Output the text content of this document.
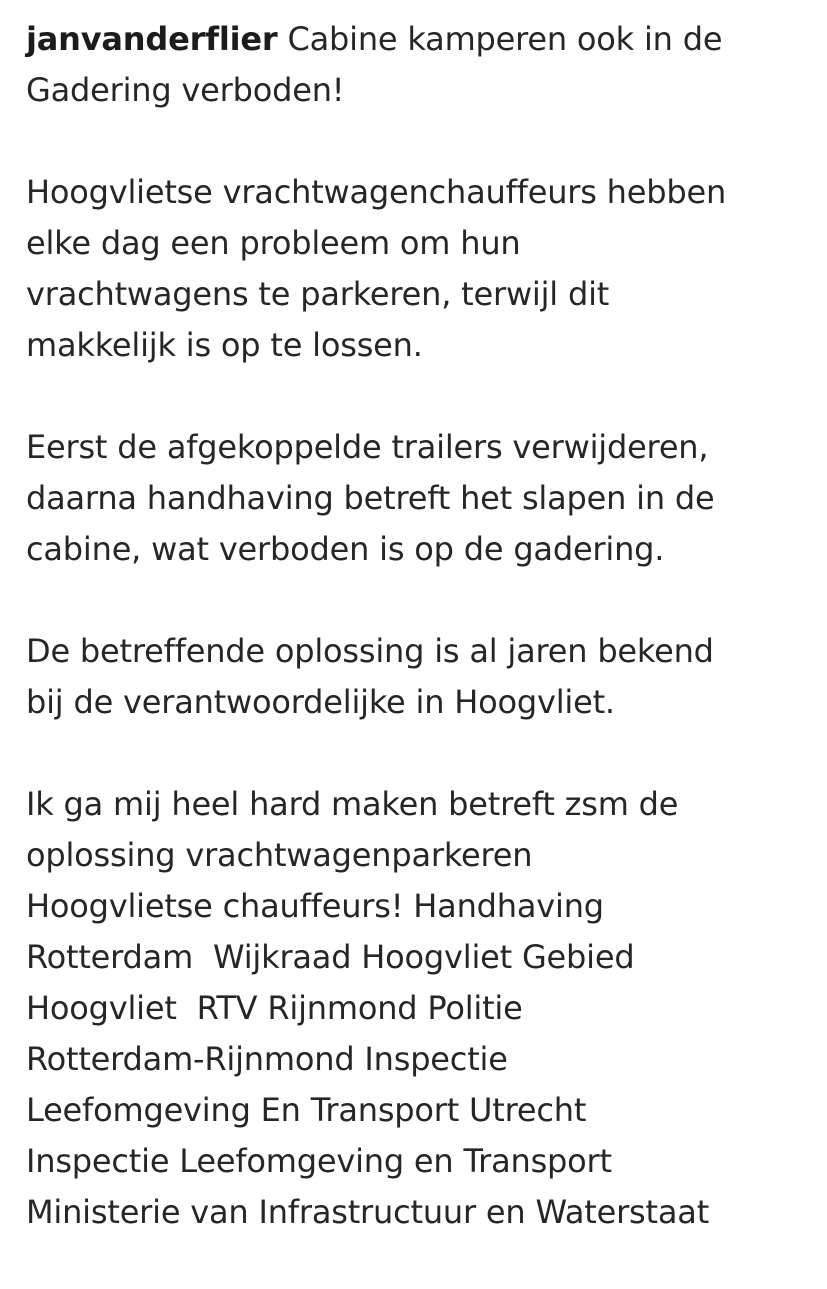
janvanderflier Cabine kamperen ook in de
Gadering verboden!
Hoogvlietse vrachtwagenchauffeurs hebben
elke dag een probleem om hun
vrachtwagens te parkeren, terwijl dit
makkelijk is op te lossen.
Eerst de afgekoppelde trailers verwijderen,
daarna handhaving betreft het slapen in de
cabine, wat verboden is op de gadering.
De betreffende oplossing is al jaren bekend
bij de verantwoordelijke in Hoogvliet.
Ik ga mij heel hard maken betreft zsm de
oplossing vrachtwagenparkeren
Hoogvlietse chauffeurs! Handhaving
Rotterdam  Wijkraad Hoogvliet Gebied
Hoogvliet  RTV Rijnmond Politie
Rotterdam-Rijnmond Inspectie
Leefomgeving En Transport Utrecht
Inspectie Leefomgeving en Transport
Ministerie van Infrastructuur en Waterstaat
